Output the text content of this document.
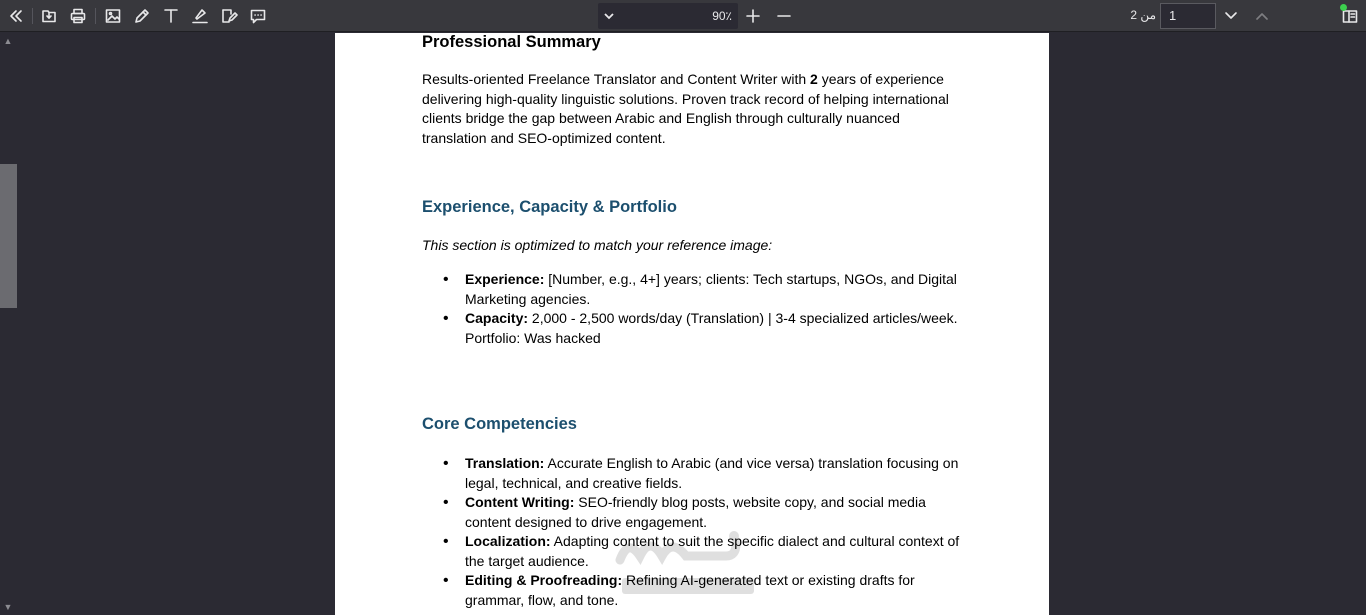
90٪	من 2	1
▲
▼
Professional Summary
Results-oriented Freelance Translator and Content Writer with 2 years of experience delivering high-quality linguistic solutions. Proven track record of helping international clients bridge the gap between Arabic and English through culturally nuanced translation and SEO-optimized content.
Experience, Capacity & Portfolio
This section is optimized to match your reference image:
• Experience: [Number, e.g., 4+] years; clients: Tech startups, NGOs, and Digital Marketing agencies.
• Capacity: 2,000 - 2,500 words/day (Translation) | 3-4 specialized articles/week.
Portfolio: Was hacked
Core Competencies
• Translation: Accurate English to Arabic (and vice versa) translation focusing on legal, technical, and creative fields.
• Content Writing: SEO-friendly blog posts, website copy, and social media content designed to drive engagement.
• Localization: Adapting content to suit the specific dialect and cultural context of the target audience.
• Editing & Proofreading: Refining AI-generated text or existing drafts for grammar, flow, and tone.
